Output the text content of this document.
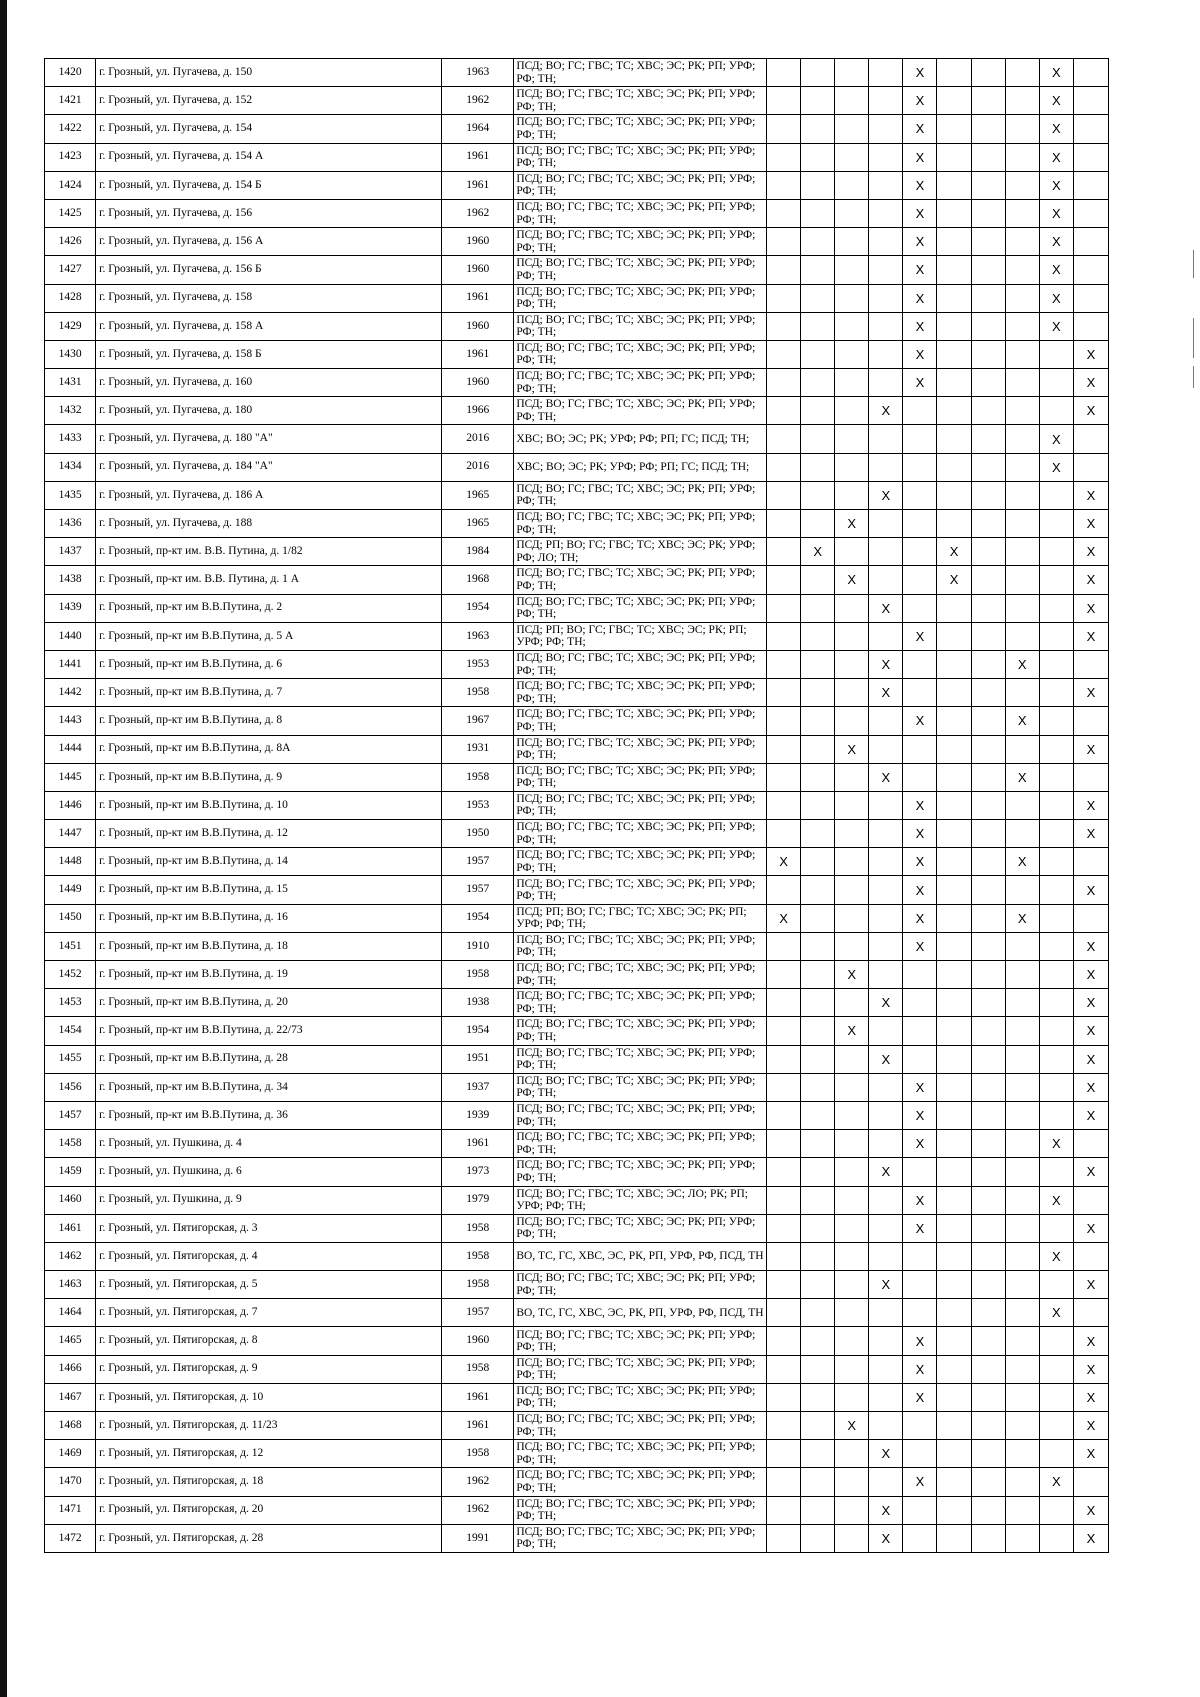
1420	г. Грозный, ул. Пугачева, д. 150	1963	ПСД; ВО; ГС; ГВС; ТС; ХВС; ЭС; РК; РП; УРФ; РФ; ТН;					X				X	
1421	г. Грозный, ул. Пугачева, д. 152	1962	ПСД; ВО; ГС; ГВС; ТС; ХВС; ЭС; РК; РП; УРФ; РФ; ТН;					X				X	
1422	г. Грозный, ул. Пугачева, д. 154	1964	ПСД; ВО; ГС; ГВС; ТС; ХВС; ЭС; РК; РП; УРФ; РФ; ТН;					X				X	
1423	г. Грозный, ул. Пугачева, д. 154 А	1961	ПСД; ВО; ГС; ГВС; ТС; ХВС; ЭС; РК; РП; УРФ; РФ; ТН;					X				X	
1424	г. Грозный, ул. Пугачева, д. 154 Б	1961	ПСД; ВО; ГС; ГВС; ТС; ХВС; ЭС; РК; РП; УРФ; РФ; ТН;					X				X	
1425	г. Грозный, ул. Пугачева, д. 156	1962	ПСД; ВО; ГС; ГВС; ТС; ХВС; ЭС; РК; РП; УРФ; РФ; ТН;					X				X	
1426	г. Грозный, ул. Пугачева, д. 156 А	1960	ПСД; ВО; ГС; ГВС; ТС; ХВС; ЭС; РК; РП; УРФ; РФ; ТН;					X				X	
1427	г. Грозный, ул. Пугачева, д. 156 Б	1960	ПСД; ВО; ГС; ГВС; ТС; ХВС; ЭС; РК; РП; УРФ; РФ; ТН;					X				X	
1428	г. Грозный, ул. Пугачева, д. 158	1961	ПСД; ВО; ГС; ГВС; ТС; ХВС; ЭС; РК; РП; УРФ; РФ; ТН;					X				X	
1429	г. Грозный, ул. Пугачева, д. 158 А	1960	ПСД; ВО; ГС; ГВС; ТС; ХВС; ЭС; РК; РП; УРФ; РФ; ТН;					X				X	
1430	г. Грозный, ул. Пугачева, д. 158 Б	1961	ПСД; ВО; ГС; ГВС; ТС; ХВС; ЭС; РК; РП; УРФ; РФ; ТН;					X					X
1431	г. Грозный, ул. Пугачева, д. 160	1960	ПСД; ВО; ГС; ГВС; ТС; ХВС; ЭС; РК; РП; УРФ; РФ; ТН;					X					X
1432	г. Грозный, ул. Пугачева, д. 180	1966	ПСД; ВО; ГС; ГВС; ТС; ХВС; ЭС; РК; РП; УРФ; РФ; ТН;				X						X
1433	г. Грозный, ул. Пугачева, д. 180 "А"	2016	ХВС; ВО; ЭС; РК; УРФ; РФ; РП; ГС; ПСД; ТН;									X	
1434	г. Грозный, ул. Пугачева, д. 184 "А"	2016	ХВС; ВО; ЭС; РК; УРФ; РФ; РП; ГС; ПСД; ТН;									X	
1435	г. Грозный, ул. Пугачева, д. 186 А	1965	ПСД; ВО; ГС; ГВС; ТС; ХВС; ЭС; РК; РП; УРФ; РФ; ТН;				X						X
1436	г. Грозный, ул. Пугачева, д. 188	1965	ПСД; ВО; ГС; ГВС; ТС; ХВС; ЭС; РК; РП; УРФ; РФ; ТН;			X							X
1437	г. Грозный, пр-кт им. В.В. Путина, д. 1/82	1984	ПСД; РП; ВО; ГС; ГВС; ТС; ХВС; ЭС; РК; УРФ; РФ; ЛО; ТН;		X				X				X
1438	г. Грозный, пр-кт им. В.В. Путина, д. 1 А	1968	ПСД; ВО; ГС; ГВС; ТС; ХВС; ЭС; РК; РП; УРФ; РФ; ТН;			X			X				X
1439	г. Грозный, пр-кт им В.В.Путина, д. 2	1954	ПСД; ВО; ГС; ГВС; ТС; ХВС; ЭС; РК; РП; УРФ; РФ; ТН;				X						X
1440	г. Грозный, пр-кт им В.В.Путина, д. 5 А	1963	ПСД; РП; ВО; ГС; ГВС; ТС; ХВС; ЭС; РК; РП; УРФ; РФ; ТН;					X					X
1441	г. Грозный, пр-кт им В.В.Путина, д. 6	1953	ПСД; ВО; ГС; ГВС; ТС; ХВС; ЭС; РК; РП; УРФ; РФ; ТН;				X				X		
1442	г. Грозный, пр-кт им В.В.Путина, д. 7	1958	ПСД; ВО; ГС; ГВС; ТС; ХВС; ЭС; РК; РП; УРФ; РФ; ТН;				X						X
1443	г. Грозный, пр-кт им В.В.Путина, д. 8	1967	ПСД; ВО; ГС; ГВС; ТС; ХВС; ЭС; РК; РП; УРФ; РФ; ТН;					X			X		
1444	г. Грозный, пр-кт им В.В.Путина, д. 8А	1931	ПСД; ВО; ГС; ГВС; ТС; ХВС; ЭС; РК; РП; УРФ; РФ; ТН;			X							X
1445	г. Грозный, пр-кт им В.В.Путина, д. 9	1958	ПСД; ВО; ГС; ГВС; ТС; ХВС; ЭС; РК; РП; УРФ; РФ; ТН;				X				X		
1446	г. Грозный, пр-кт им В.В.Путина, д. 10	1953	ПСД; ВО; ГС; ГВС; ТС; ХВС; ЭС; РК; РП; УРФ; РФ; ТН;					X					X
1447	г. Грозный, пр-кт им В.В.Путина, д. 12	1950	ПСД; ВО; ГС; ГВС; ТС; ХВС; ЭС; РК; РП; УРФ; РФ; ТН;					X					X
1448	г. Грозный, пр-кт им В.В.Путина, д. 14	1957	ПСД; ВО; ГС; ГВС; ТС; ХВС; ЭС; РК; РП; УРФ; РФ; ТН;	X				X			X		
1449	г. Грозный, пр-кт им В.В.Путина, д. 15	1957	ПСД; ВО; ГС; ГВС; ТС; ХВС; ЭС; РК; РП; УРФ; РФ; ТН;					X					X
1450	г. Грозный, пр-кт им В.В.Путина, д. 16	1954	ПСД; РП; ВО; ГС; ГВС; ТС; ХВС; ЭС; РК; РП; УРФ; РФ; ТН;	X				X			X		
1451	г. Грозный, пр-кт им В.В.Путина, д. 18	1910	ПСД; ВО; ГС; ГВС; ТС; ХВС; ЭС; РК; РП; УРФ; РФ; ТН;					X					X
1452	г. Грозный, пр-кт им В.В.Путина, д. 19	1958	ПСД; ВО; ГС; ГВС; ТС; ХВС; ЭС; РК; РП; УРФ; РФ; ТН;			X							X
1453	г. Грозный, пр-кт им В.В.Путина, д. 20	1938	ПСД; ВО; ГС; ГВС; ТС; ХВС; ЭС; РК; РП; УРФ; РФ; ТН;				X						X
1454	г. Грозный, пр-кт им В.В.Путина, д. 22/73	1954	ПСД; ВО; ГС; ГВС; ТС; ХВС; ЭС; РК; РП; УРФ; РФ; ТН;			X							X
1455	г. Грозный, пр-кт им В.В.Путина, д. 28	1951	ПСД; ВО; ГС; ГВС; ТС; ХВС; ЭС; РК; РП; УРФ; РФ; ТН;				X						X
1456	г. Грозный, пр-кт им В.В.Путина, д. 34	1937	ПСД; ВО; ГС; ГВС; ТС; ХВС; ЭС; РК; РП; УРФ; РФ; ТН;					X					X
1457	г. Грозный, пр-кт им В.В.Путина, д. 36	1939	ПСД; ВО; ГС; ГВС; ТС; ХВС; ЭС; РК; РП; УРФ; РФ; ТН;					X					X
1458	г. Грозный, ул. Пушкина, д. 4	1961	ПСД; ВО; ГС; ГВС; ТС; ХВС; ЭС; РК; РП; УРФ; РФ; ТН;					X				X	
1459	г. Грозный, ул. Пушкина, д. 6	1973	ПСД; ВО; ГС; ГВС; ТС; ХВС; ЭС; РК; РП; УРФ; РФ; ТН;				X						X
1460	г. Грозный, ул. Пушкина, д. 9	1979	ПСД; ВО; ГС; ГВС; ТС; ХВС; ЭС; ЛО; РК; РП; УРФ; РФ; ТН;					X				X	
1461	г. Грозный, ул. Пятигорская, д. 3	1958	ПСД; ВО; ГС; ГВС; ТС; ХВС; ЭС; РК; РП; УРФ; РФ; ТН;					X					X
1462	г. Грозный, ул. Пятигорская, д. 4	1958	ВО, ТС, ГС, ХВС, ЭС, РК, РП, УРФ, РФ, ПСД, ТН									X	
1463	г. Грозный, ул. Пятигорская, д. 5	1958	ПСД; ВО; ГС; ГВС; ТС; ХВС; ЭС; РК; РП; УРФ; РФ; ТН;				X						X
1464	г. Грозный, ул. Пятигорская, д. 7	1957	ВО, ТС, ГС, ХВС, ЭС, РК, РП, УРФ, РФ, ПСД, ТН									X	
1465	г. Грозный, ул. Пятигорская, д. 8	1960	ПСД; ВО; ГС; ГВС; ТС; ХВС; ЭС; РК; РП; УРФ; РФ; ТН;					X					X
1466	г. Грозный, ул. Пятигорская, д. 9	1958	ПСД; ВО; ГС; ГВС; ТС; ХВС; ЭС; РК; РП; УРФ; РФ; ТН;					X					X
1467	г. Грозный, ул. Пятигорская, д. 10	1961	ПСД; ВО; ГС; ГВС; ТС; ХВС; ЭС; РК; РП; УРФ; РФ; ТН;					X					X
1468	г. Грозный, ул. Пятигорская, д. 11/23	1961	ПСД; ВО; ГС; ГВС; ТС; ХВС; ЭС; РК; РП; УРФ; РФ; ТН;			X							X
1469	г. Грозный, ул. Пятигорская, д. 12	1958	ПСД; ВО; ГС; ГВС; ТС; ХВС; ЭС; РК; РП; УРФ; РФ; ТН;				X						X
1470	г. Грозный, ул. Пятигорская, д. 18	1962	ПСД; ВО; ГС; ГВС; ТС; ХВС; ЭС; РК; РП; УРФ; РФ; ТН;					X				X	
1471	г. Грозный, ул. Пятигорская, д. 20	1962	ПСД; ВО; ГС; ГВС; ТС; ХВС; ЭС; РК; РП; УРФ; РФ; ТН;				X						X
1472	г. Грозный, ул. Пятигорская, д. 28	1991	ПСД; ВО; ГС; ГВС; ТС; ХВС; ЭС; РК; РП; УРФ; РФ; ТН;				X						X
